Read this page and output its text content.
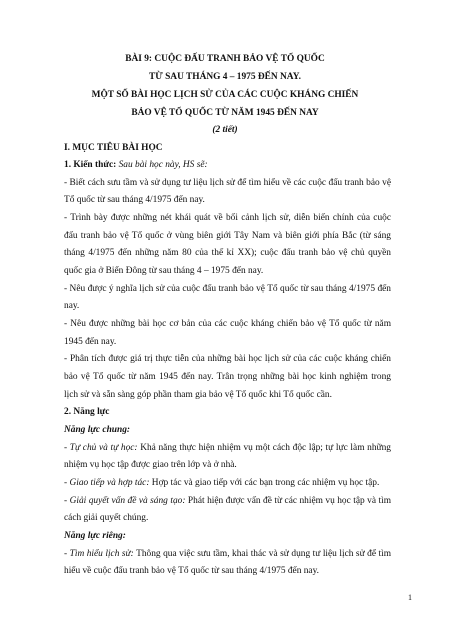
BÀI 9: CUỘC ĐẤU TRANH BẢO VỆ TỔ QUỐC
TỪ SAU THÁNG 4 – 1975 ĐẾN NAY.
MỘT SỐ BÀI HỌC LỊCH SỬ CỦA CÁC CUỘC KHÁNG CHIẾN
BẢO VỆ TỔ QUỐC TỪ NĂM 1945 ĐẾN NAY
(2 tiết)
I. MỤC TIÊU BÀI HỌC
1. Kiến thức: Sau bài học này, HS sẽ:
- Biết cách sưu tầm và sử dụng tư liệu lịch sử để tìm hiểu về các cuộc đấu tranh bảo vệ
Tổ quốc từ sau tháng 4/1975 đến nay.
- Trình bày được những nét khái quát về bối cảnh lịch sử, diễn biến chính của cuộc
đấu tranh bảo vệ Tổ quốc ở vùng biên giới Tây Nam và biên giới phía Bắc (từ sáng
tháng 4/1975 đến những năm 80 của thế kỉ XX); cuộc đấu tranh bảo vệ chủ quyền
quốc gia ở Biển Đông từ sau tháng 4 – 1975 đến nay.
- Nêu được ý nghĩa lịch sử của cuộc đấu tranh bảo vệ Tổ quốc từ sau tháng 4/1975 đến
nay.
- Nêu được những bài học cơ bản của các cuộc kháng chiến bảo vệ Tổ quốc từ năm
1945 đến nay.
- Phân tích được giá trị thực tiễn của những bài học lịch sử của các cuộc kháng chiến
bảo vệ Tổ quốc từ năm 1945 đến nay. Trân trọng những bài học kinh nghiệm trong
lịch sử và sẵn sàng góp phần tham gia bảo vệ Tổ quốc khi Tổ quốc cần.
2. Năng lực
Năng lực chung:
- Tự chủ và tự học: Khả năng thực hiện nhiệm vụ một cách độc lập; tự lực làm những
nhiệm vụ học tập được giao trên lớp và ở nhà.
- Giao tiếp và hợp tác: Hợp tác và giao tiếp với các bạn trong các nhiệm vụ học tập.
- Giải quyết vấn đề và sáng tạo: Phát hiện được vấn đề từ các nhiệm vụ học tập và tìm
cách giải quyết chúng.
Năng lực riêng:
- Tìm hiểu lịch sử: Thông qua việc sưu tầm, khai thác và sử dụng tư liệu lịch sử để tìm
hiểu về cuộc đấu tranh bảo vệ Tổ quốc từ sau tháng 4/1975 đến nay.
1
